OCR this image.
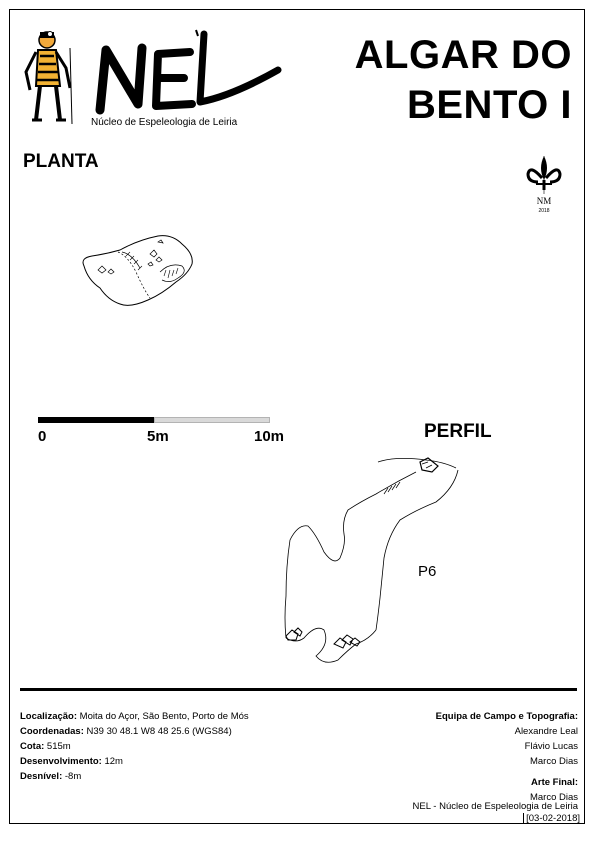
Núcleo de Espeleologia de Leiria
ALGAR DO
BENTO I
NM
2018
PLANTA
0	5m	10m	PERFIL
P6
Localização: Moita do Açor, São Bento, Porto de Mós
Coordenadas: N39 30 48.1 W8 48 25.6 (WGS84)
Cota: 515m
Desenvolvimento: 12m
Desnível: -8m
Equipa de Campo e Topografia:
Alexandre Leal
Flávio Lucas
Marco Dias
Arte Final:
Marco Dias
NEL - Núcleo de Espeleologia de Leiria
[03-02-2018]
